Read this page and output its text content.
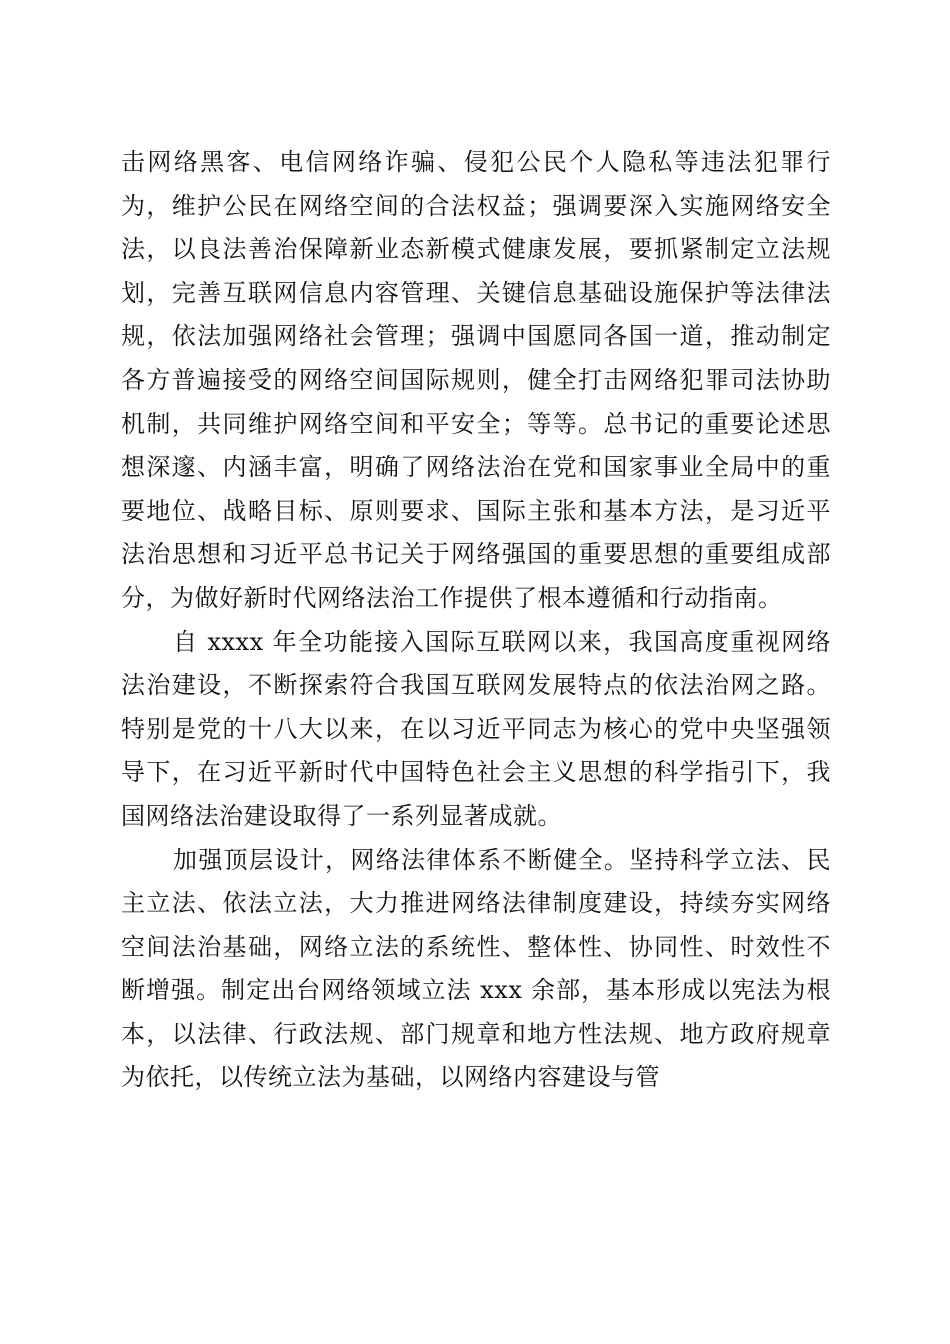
击网络黑客、电信网络诈骗、侵犯公民个人隐私等违法犯罪行为，维护公民在网络空间的合法权益；强调要深入实施网络安全法，以良法善治保障新业态新模式健康发展，要抓紧制定立法规划，完善互联网信息内容管理、关键信息基础设施保护等法律法规，依法加强网络社会管理；强调中国愿同各国一道，推动制定各方普遍接受的网络空间国际规则，健全打击网络犯罪司法协助机制，共同维护网络空间和平安全；等等。总书记的重要论述思想深邃、内涵丰富，明确了网络法治在党和国家事业全局中的重要地位、战略目标、原则要求、国际主张和基本方法，是习近平法治思想和习近平总书记关于网络强国的重要思想的重要组成部分，为做好新时代网络法治工作提供了根本遵循和行动指南。

自 xxxx 年全功能接入国际互联网以来，我国高度重视网络法治建设，不断探索符合我国互联网发展特点的依法治网之路。特别是党的十八大以来，在以习近平同志为核心的党中央坚强领导下，在习近平新时代中国特色社会主义思想的科学指引下，我国网络法治建设取得了一系列显著成就。

加强顶层设计，网络法律体系不断健全。坚持科学立法、民主立法、依法立法，大力推进网络法律制度建设，持续夯实网络空间法治基础，网络立法的系统性、整体性、协同性、时效性不断增强。制定出台网络领域立法 xxx 余部，基本形成以宪法为根本，以法律、行政法规、部门规章和地方性法规、地方政府规章为依托，以传统立法为基础，以网络内容建设与管
